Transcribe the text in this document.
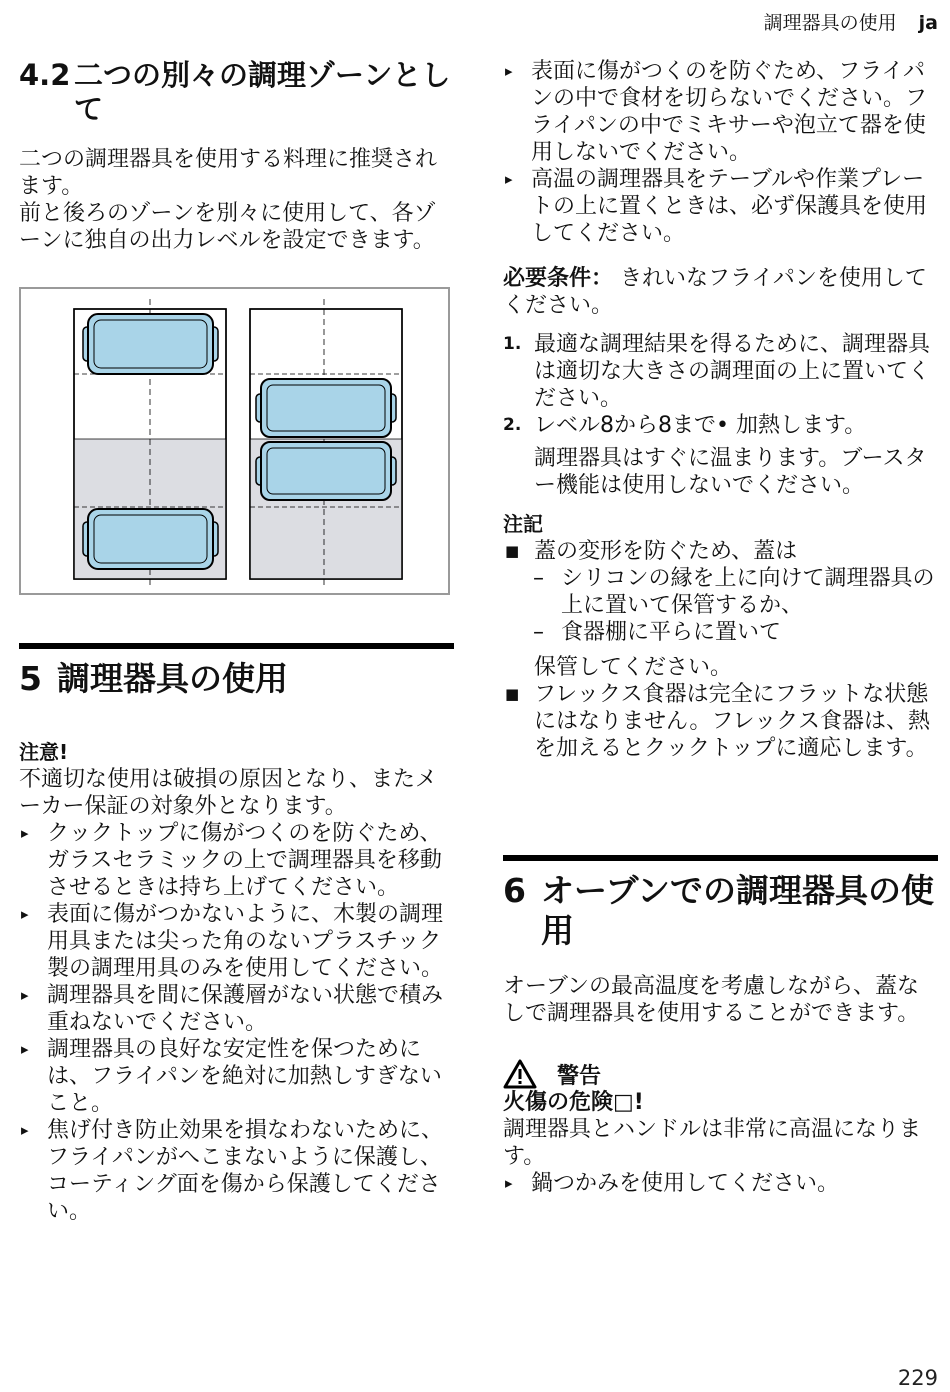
調理器具の使用 ja
4.2 二つの別々の調理ゾーンとして

二つの調理器具を使用する料理に推奨されます。

前と後ろのゾーンを別々に使用して、各ゾーンに独自の出力レベルを設定できます。

5 調理器具の使用

注意!

不適切な使用は破損の原因となり、またメーカー保証の対象外となります。

▸ クックトップに傷がつくのを防ぐため、ガラスセラミックの上で調理器具を移動させるときは持ち上げてください。
▸ 表面に傷がつかないように、木製の調理用具または尖った角のないプラスチック製の調理用具のみを使用してください。
▸ 調理器具を間に保護層がない状態で積み重ねないでください。
▸ 調理器具の良好な安定性を保つためには、フライパンを絶対に加熱しすぎないこと。
▸ 焦げ付き防止効果を損なわないために、フライパンがへこまないように保護し、コーティング面を傷から保護してください。
▸ 表面に傷がつくのを防ぐため、フライパンの中で食材を切らないでください。フライパンの中でミキサーや泡立て器を使用しないでください。
▸ 高温の調理器具をテーブルや作業プレートの上に置くときは、必ず保護具を使用してください。

必要条件： きれいなフライパンを使用してください。

1. 最適な調理結果を得るために、調理器具は適切な大きさの調理面の上に置いてください。
2. レベル8から8まで• 加熱します。

調理器具はすぐに温まります。ブースター機能は使用しないでください。

注記

■ 蓋の変形を防ぐため、蓋は
– シリコンの縁を上に向けて調理器具の上に置いて保管するか、
– 食器棚に平らに置いて

保管してください。

■ フレックス食器は完全にフラットな状態にはなりません。フレックス食器は、熱を加えるとクックトップに適応します。
6 オーブンでの調理器具の使用

オーブンの最高温度を考慮しながら、蓋なしで調理器具を使用することができます。

警告

火傷の危険□!

調理器具とハンドルは非常に高温になります。

▸ 鍋つかみを使用してください。
229
